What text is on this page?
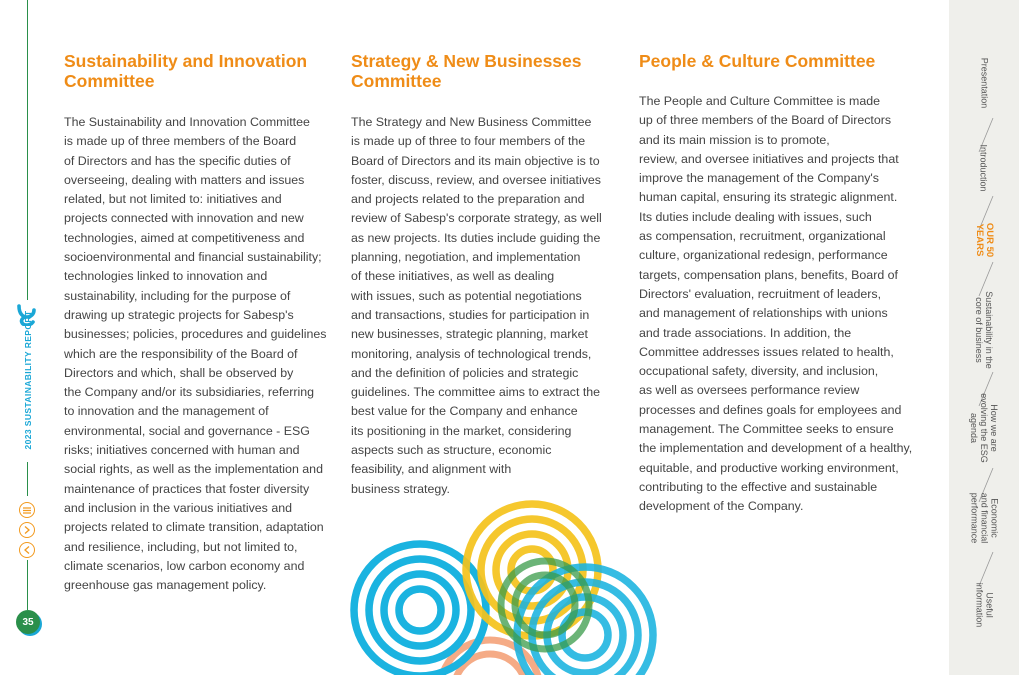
2023 SUSTAINABILITY REPORT
35
Sustainability and Innovation
Committee

The Sustainability and Innovation Committee
is made up of three members of the Board
of Directors and has the specific duties of
overseeing, dealing with matters and issues
related, but not limited to: initiatives and
projects connected with innovation and new
technologies, aimed at competitiveness and
socioenvironmental and financial sustainability;
technologies linked to innovation and
sustainability, including for the purpose of
drawing up strategic projects for Sabesp's
businesses; policies, procedures and guidelines
which are the responsibility of the Board of
Directors and which, shall be observed by
the Company and/or its subsidiaries, referring
to innovation and the management of
environmental, social and governance - ESG
risks; initiatives concerned with human and
social rights, as well as the implementation and
maintenance of practices that foster diversity
and inclusion in the various initiatives and
projects related to climate transition, adaptation
and resilience, including, but not limited to,
climate scenarios, low carbon economy and
greenhouse gas management policy.

Strategy & New Businesses
Committee

The Strategy and New Business Committee
is made up of three to four members of the
Board of Directors and its main objective is to
foster, discuss, review, and oversee initiatives
and projects related to the preparation and
review of Sabesp's corporate strategy, as well
as new projects. Its duties include guiding the
planning, negotiation, and implementation
of these initiatives, as well as dealing
with issues, such as potential negotiations
and transactions, studies for participation in
new businesses, strategic planning, market
monitoring, analysis of technological trends,
and the definition of policies and strategic
guidelines. The committee aims to extract the
best value for the Company and enhance
its positioning in the market, considering
aspects such as structure, economic
feasibility, and alignment with
business strategy.

People & Culture Committee

The People and Culture Committee is made
up of three members of the Board of Directors
and its main mission is to promote,
review, and oversee initiatives and projects that
improve the management of the Company's
human capital, ensuring its strategic alignment.
Its duties include dealing with issues, such
as compensation, recruitment, organizational
culture, organizational redesign, performance
targets, compensation plans, benefits, Board of
Directors' evaluation, recruitment of leaders,
and management of relationships with unions
and trade associations. In addition, the
Committee addresses issues related to health,
occupational safety, diversity, and inclusion,
as well as oversees performance review
processes and defines goals for employees and
management. The Committee seeks to ensure
the implementation and development of a healthy,
equitable, and productive working environment,
contributing to the effective and sustainable
development of the Company.

Presentation
Introduction
OUR 50
YEARS
Sustainability in the
core of business
How we are
evolving the ESG
agenda
Economic
and financial
performance
Useful
information
